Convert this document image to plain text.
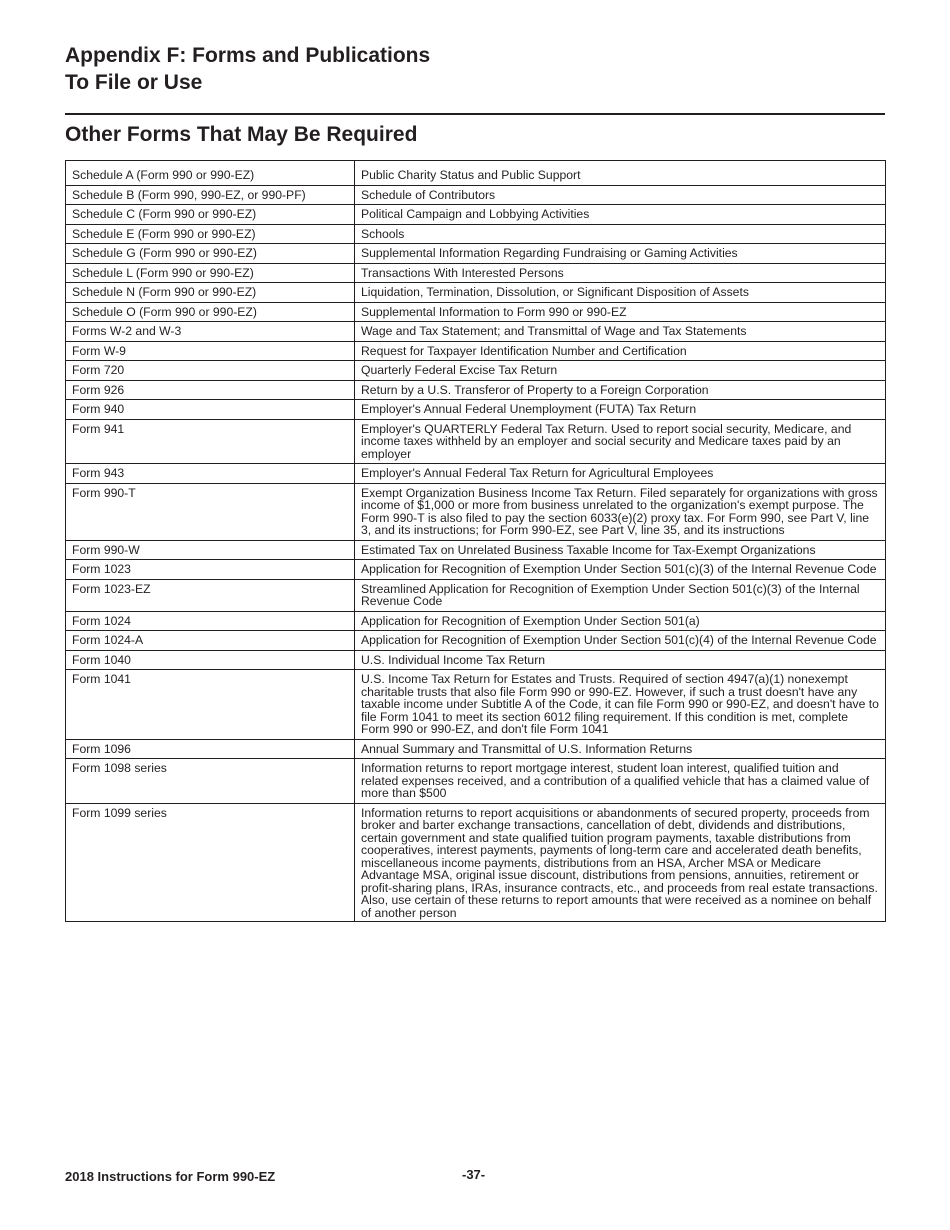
Appendix F: Forms and Publications
To File or Use
Other Forms That May Be Required
Schedule A (Form 990 or 990-EZ)	Public Charity Status and Public Support
Schedule B (Form 990, 990-EZ, or 990-PF)	Schedule of Contributors
Schedule C (Form 990 or 990-EZ)	Political Campaign and Lobbying Activities
Schedule E (Form 990 or 990-EZ)	Schools
Schedule G (Form 990 or 990-EZ)	Supplemental Information Regarding Fundraising or Gaming Activities
Schedule L (Form 990 or 990-EZ)	Transactions With Interested Persons
Schedule N (Form 990 or 990-EZ)	Liquidation, Termination, Dissolution, or Significant Disposition of Assets
Schedule O (Form 990 or 990-EZ)	Supplemental Information to Form 990 or 990-EZ
Forms W-2 and W-3	Wage and Tax Statement; and Transmittal of Wage and Tax Statements
Form W-9	Request for Taxpayer Identification Number and Certification
Form 720	Quarterly Federal Excise Tax Return
Form 926	Return by a U.S. Transferor of Property to a Foreign Corporation
Form 940	Employer's Annual Federal Unemployment (FUTA) Tax Return
Form 941	Employer's QUARTERLY Federal Tax Return. Used to report social security, Medicare, and income taxes withheld by an employer and social security and Medicare taxes paid by an employer
Form 943	Employer's Annual Federal Tax Return for Agricultural Employees
Form 990-T	Exempt Organization Business Income Tax Return. Filed separately for organizations with gross income of $1,000 or more from business unrelated to the organization's exempt purpose. The Form 990-T is also filed to pay the section 6033(e)(2) proxy tax. For Form 990, see Part V, line 3, and its instructions; for Form 990-EZ, see Part V, line 35, and its instructions
Form 990-W	Estimated Tax on Unrelated Business Taxable Income for Tax-Exempt Organizations
Form 1023	Application for Recognition of Exemption Under Section 501(c)(3) of the Internal Revenue Code
Form 1023-EZ	Streamlined Application for Recognition of Exemption Under Section 501(c)(3) of the Internal Revenue Code
Form 1024	Application for Recognition of Exemption Under Section 501(a)
Form 1024-A	Application for Recognition of Exemption Under Section 501(c)(4) of the Internal Revenue Code
Form 1040	U.S. Individual Income Tax Return
Form 1041	U.S. Income Tax Return for Estates and Trusts. Required of section 4947(a)(1) nonexempt charitable trusts that also file Form 990 or 990-EZ. However, if such a trust doesn't have any taxable income under Subtitle A of the Code, it can file Form 990 or 990-EZ, and doesn't have to file Form 1041 to meet its section 6012 filing requirement. If this condition is met, complete Form 990 or 990-EZ, and don't file Form 1041
Form 1096	Annual Summary and Transmittal of U.S. Information Returns
Form 1098 series	Information returns to report mortgage interest, student loan interest, qualified tuition and related expenses received, and a contribution of a qualified vehicle that has a claimed value of more than $500
Form 1099 series	Information returns to report acquisitions or abandonments of secured property, proceeds from broker and barter exchange transactions, cancellation of debt, dividends and distributions, certain government and state qualified tuition program payments, taxable distributions from cooperatives, interest payments, payments of long-term care and accelerated death benefits, miscellaneous income payments, distributions from an HSA, Archer MSA or Medicare Advantage MSA, original issue discount, distributions from pensions, annuities, retirement or profit-sharing plans, IRAs, insurance contracts, etc., and proceeds from real estate transactions. Also, use certain of these returns to report amounts that were received as a nominee on behalf of another person
2018 Instructions for Form 990-EZ	-37-
